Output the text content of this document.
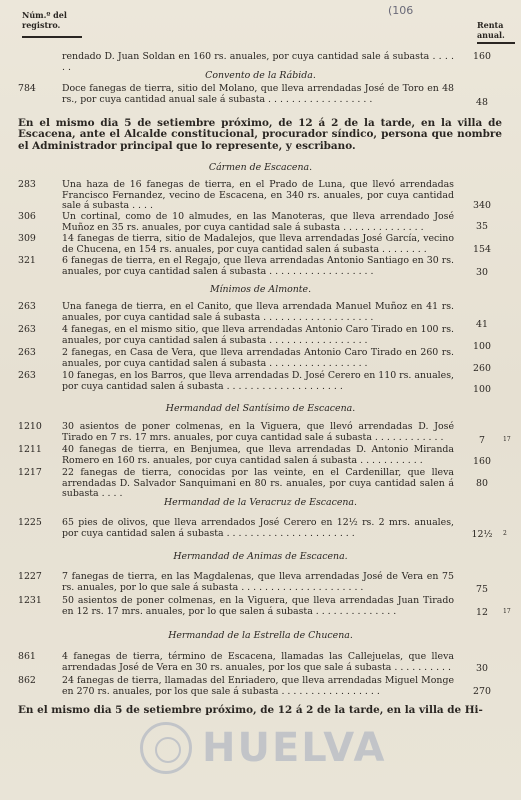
Núm.º del registro.
(106
Renta anual.
rendado D. Juan Soldan en 160 rs. anuales, por cuya cantidad sale á subasta . . . . . .
160
Convento de la Rábida.
784	Doce fanegas de tierra, sitio del Molano, que lleva arrendadas José de Toro en 48 rs., por cuya cantidad anual sale á subasta . . . . . . . . . . . . . . . . . .	48
En el mismo dia 5 de setiembre próximo, de 12 á 2 de la tarde, en la villa de Escacena, ante el Alcalde constitucional, procurador síndico, persona que nombre el Administrador principal que lo represente, y escribano.
Cármen de Escacena.
283	Una haza de 16 fanegas de tierra, en el Prado de Luna, que llevó arrendadas Francisco Fernandez, vecino de Escacena, en 340 rs. anuales, por cuya cantidad sale á subasta . . . .	340
306	Un cortinal, como de 10 almudes, en las Manoteras, que lleva arrendado José Muñoz en 35 rs. anuales, por cuya cantidad sale á subasta . . . . . . . . . . . . . .	35
309	14 fanegas de tierra, sitio de Madalejos, que lleva arrendadas José García, vecino de Chucena, en 154 rs. anuales, por cuya cantidad salen á subasta . . . . . . . .	154
321	6 fanegas de tierra, en el Regajo, que lleva arrendadas Antonio Santiago en 30 rs. anuales, por cuya cantidad salen á subasta . . . . . . . . . . . . . . . . . .	30
Mínimos de Almonte.
263	Una fanega de tierra, en el Canito, que lleva arrendada Manuel Muñoz en 41 rs. anuales, por cuya cantidad sale á subasta . . . . . . . . . . . . . . . . . . .
41
263	4 fanegas, en el mismo sitio, que lleva arrendadas Antonio Caro Tirado en 100 rs. anuales, por cuya cantidad salen á subasta . . . . . . . . . . . . . . . . .
100
263	2 fanegas, en Casa de Vera, que lleva arrendadas Antonio Caro Tirado en 260 rs. anuales, por cuya cantidad salen á subasta . . . . . . . . . . . . . . . . .	260
263	10 fanegas, en los Barros, que lleva arrendadas D. José Cerero en 110 rs. anuales, por cuya cantidad salen á subasta . . . . . . . . . . . . . . . . . . . .	100
Hermandad del Santísimo de Escacena.
1210	30 asientos de poner colmenas, en la Viguera, que llevó arrendadas D. José Tirado en 7 rs. 17 mrs. anuales, por cuya cantidad sale á subasta . . . . . . . . . . . .	7	17
1211	40 fanegas de tierra, en Benjumea, que lleva arrendadas D. Antonio Miranda Romero en 160 rs. anuales, por cuya cantidad salen á subasta . . . . . . . . . . .	160
1217	22 fanegas de tierra, conocidas por las veinte, en el Cardenillar, que lleva arrendadas D. Salvador Sanquimani en 80 rs. anuales, por cuya cantidad salen á subasta . . . .
80
Hermandad de la Veracruz de Escacena.
1225	65 pies de olivos, que lleva arrendados José Cerero en 12½ rs. 2 mrs. anuales, por cuya cantidad salen á subasta . . . . . . . . . . . . . . . . . . . . . .	12½	2
Hermandad de Animas de Escacena.
1227	7 fanegas de tierra, en las Magdalenas, que lleva arrendadas José de Vera en 75 rs. anuales, por lo que sale á subasta . . . . . . . . . . . . . . . . . . . . .	75
1231	50 asientos de poner colmenas, en la Viguera, que lleva arrendadas Juan Tirado en 12 rs. 17 mrs. anuales, por lo que salen á subasta . . . . . . . . . . . . . .	12	17
Hermandad de la Estrella de Chucena.
861	4 fanegas de tierra, término de Escacena, llamadas las Callejuelas, que lleva arrendadas José de Vera en 30 rs. anuales, por los que sale á subasta . . . . . . . . . .	30
862	24 fanegas de tierra, llamadas del Enriadero, que lleva arrendadas Miguel Monge en 270 rs. anuales, por los que sale á subasta . . . . . . . . . . . . . . . . .	270
En el mismo dia 5 de setiembre próximo, de 12 á 2 de la tarde, en la villa de Hi-
HUELVA
